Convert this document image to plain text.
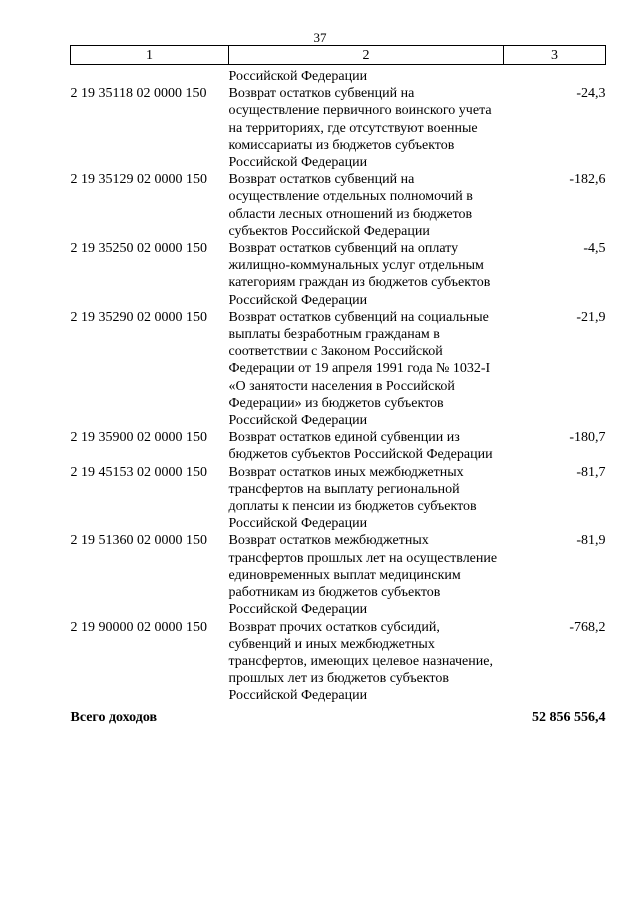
37
1	2	3
	Российской Федерации	
2 19 35118 02 0000 150	Возврат остатков субвенций на осуществление первичного воинского учета на территориях, где отсутствуют военные комиссариаты из бюджетов субъектов Российской Федерации	-24,3
2 19 35129 02 0000 150	Возврат остатков субвенций на осуществление отдельных полномочий в области лесных отношений из бюджетов субъектов Российской Федерации	-182,6
2 19 35250 02 0000 150	Возврат остатков субвенций на оплату жилищно-коммунальных услуг отдельным категориям граждан из бюджетов субъектов Российской Федерации	-4,5
2 19 35290 02 0000 150	Возврат остатков субвенций на социальные выплаты безработным гражданам в соответствии с Законом Российской Федерации от 19 апреля 1991 года № 1032-I «О занятости населения в Российской Федерации» из бюджетов субъектов Российской Федерации	-21,9
2 19 35900 02 0000 150	Возврат остатков единой субвенции из бюджетов субъектов Российской Федерации	-180,7
2 19 45153 02 0000 150	Возврат остатков иных межбюджетных трансфертов на выплату региональной доплаты к пенсии из бюджетов субъектов Российской Федерации	-81,7
2 19 51360 02 0000 150	Возврат остатков межбюджетных трансфертов прошлых лет на осуществление единовременных выплат медицинским работникам из бюджетов субъектов Российской Федерации	-81,9
2 19 90000 02 0000 150	Возврат прочих остатков субсидий, субвенций и иных межбюджетных трансфертов, имеющих целевое назначение, прошлых лет из бюджетов субъектов Российской Федерации	-768,2
Всего доходов		52 856 556,4
